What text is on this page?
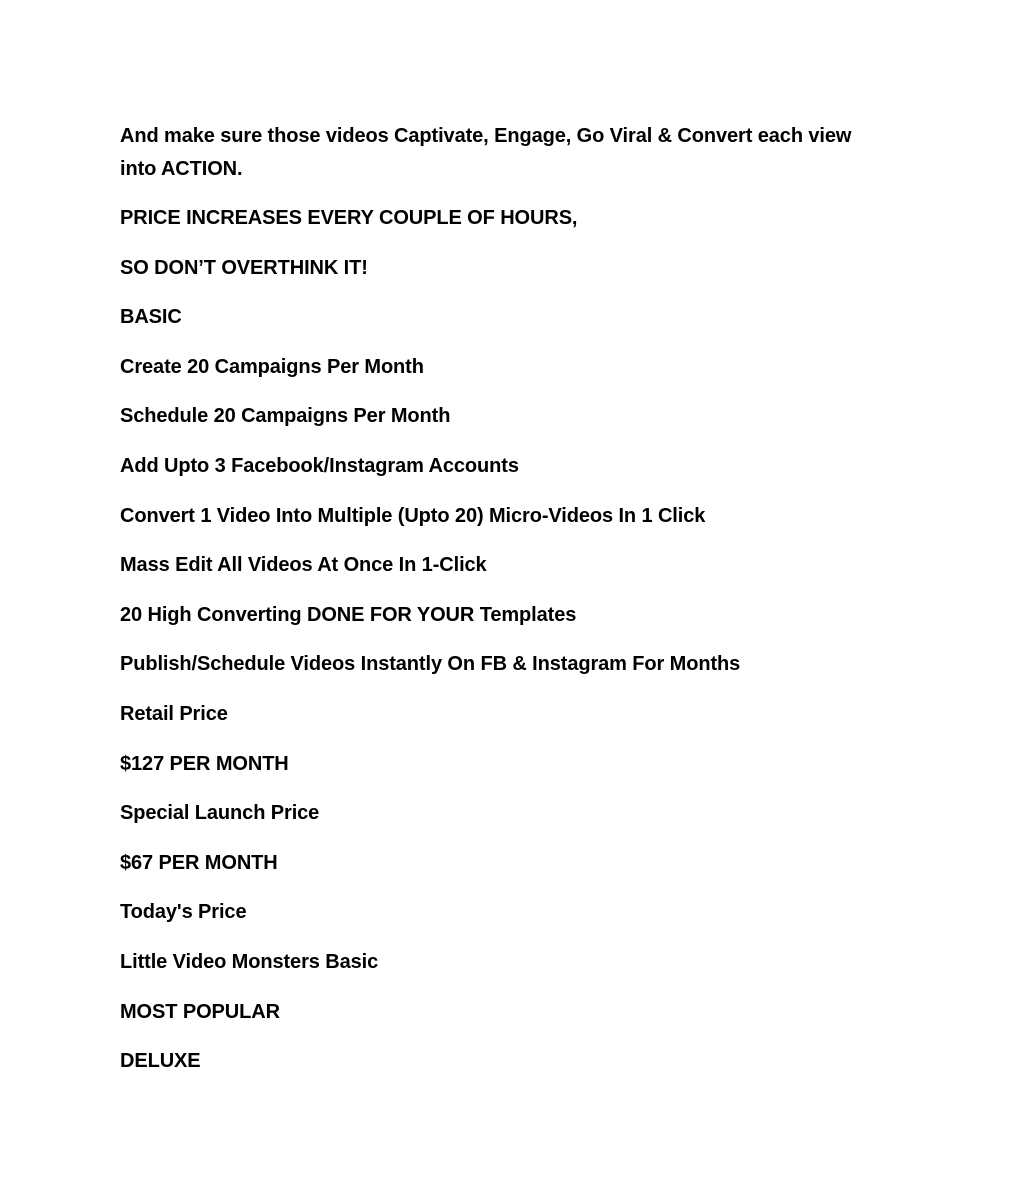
And make sure those videos Captivate, Engage, Go Viral & Convert each view into ACTION.

PRICE INCREASES EVERY COUPLE OF HOURS,

SO DON’T OVERTHINK IT!

BASIC

Create 20 Campaigns Per Month

Schedule 20 Campaigns Per Month

Add Upto 3 Facebook/Instagram Accounts

Convert 1 Video Into Multiple (Upto 20) Micro-Videos In 1 Click

Mass Edit All Videos At Once In 1-Click

20 High Converting DONE FOR YOUR Templates

Publish/Schedule Videos Instantly On FB & Instagram For Months

Retail Price

$127 PER MONTH

Special Launch Price

$67 PER MONTH

Today's Price

Little Video Monsters Basic

MOST POPULAR

DELUXE
